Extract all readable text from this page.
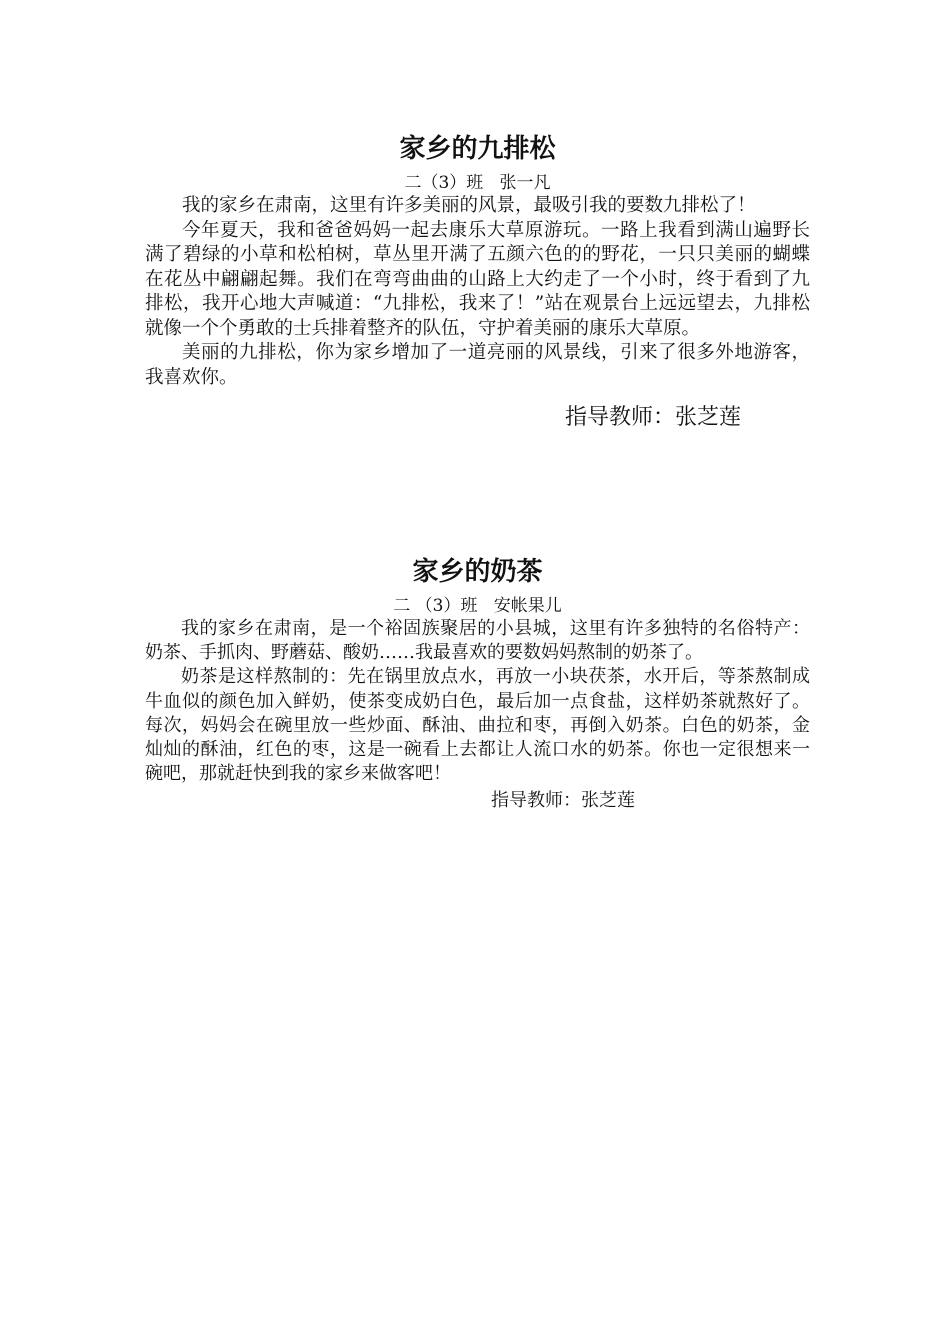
家乡的九排松

二（3）班   张一凡

我的家乡在肃南，这里有许多美丽的风景，最吸引我的要数九排松了！

今年夏天，我和爸爸妈妈一起去康乐大草原游玩。一路上我看到满山遍野长满了碧绿的小草和松柏树，草丛里开满了五颜六色的的野花，一只只美丽的蝴蝶在花丛中翩翩起舞。我们在弯弯曲曲的山路上大约走了一个小时，终于看到了九排松，我开心地大声喊道：“九排松，我来了！”站在观景台上远远望去，九排松就像一个个勇敢的士兵排着整齐的队伍，守护着美丽的康乐大草原。

美丽的九排松，你为家乡增加了一道亮丽的风景线，引来了很多外地游客，我喜欢你。

指导教师：张芝莲

家乡的奶茶

二 （3）班   安帐果儿

我的家乡在肃南，是一个裕固族聚居的小县城，这里有许多独特的名俗特产：奶茶、手抓肉、野蘑菇、酸奶……我最喜欢的要数妈妈熬制的奶茶了。

奶茶是这样熬制的：先在锅里放点水，再放一小块茯茶，水开后，等茶熬制成牛血似的颜色加入鲜奶，使茶变成奶白色，最后加一点食盐，这样奶茶就熬好了。每次，妈妈会在碗里放一些炒面、酥油、曲拉和枣，再倒入奶茶。白色的奶茶，金灿灿的酥油，红色的枣，这是一碗看上去都让人流口水的奶茶。你也一定很想来一碗吧，那就赶快到我的家乡来做客吧！

指导教师：张芝莲
